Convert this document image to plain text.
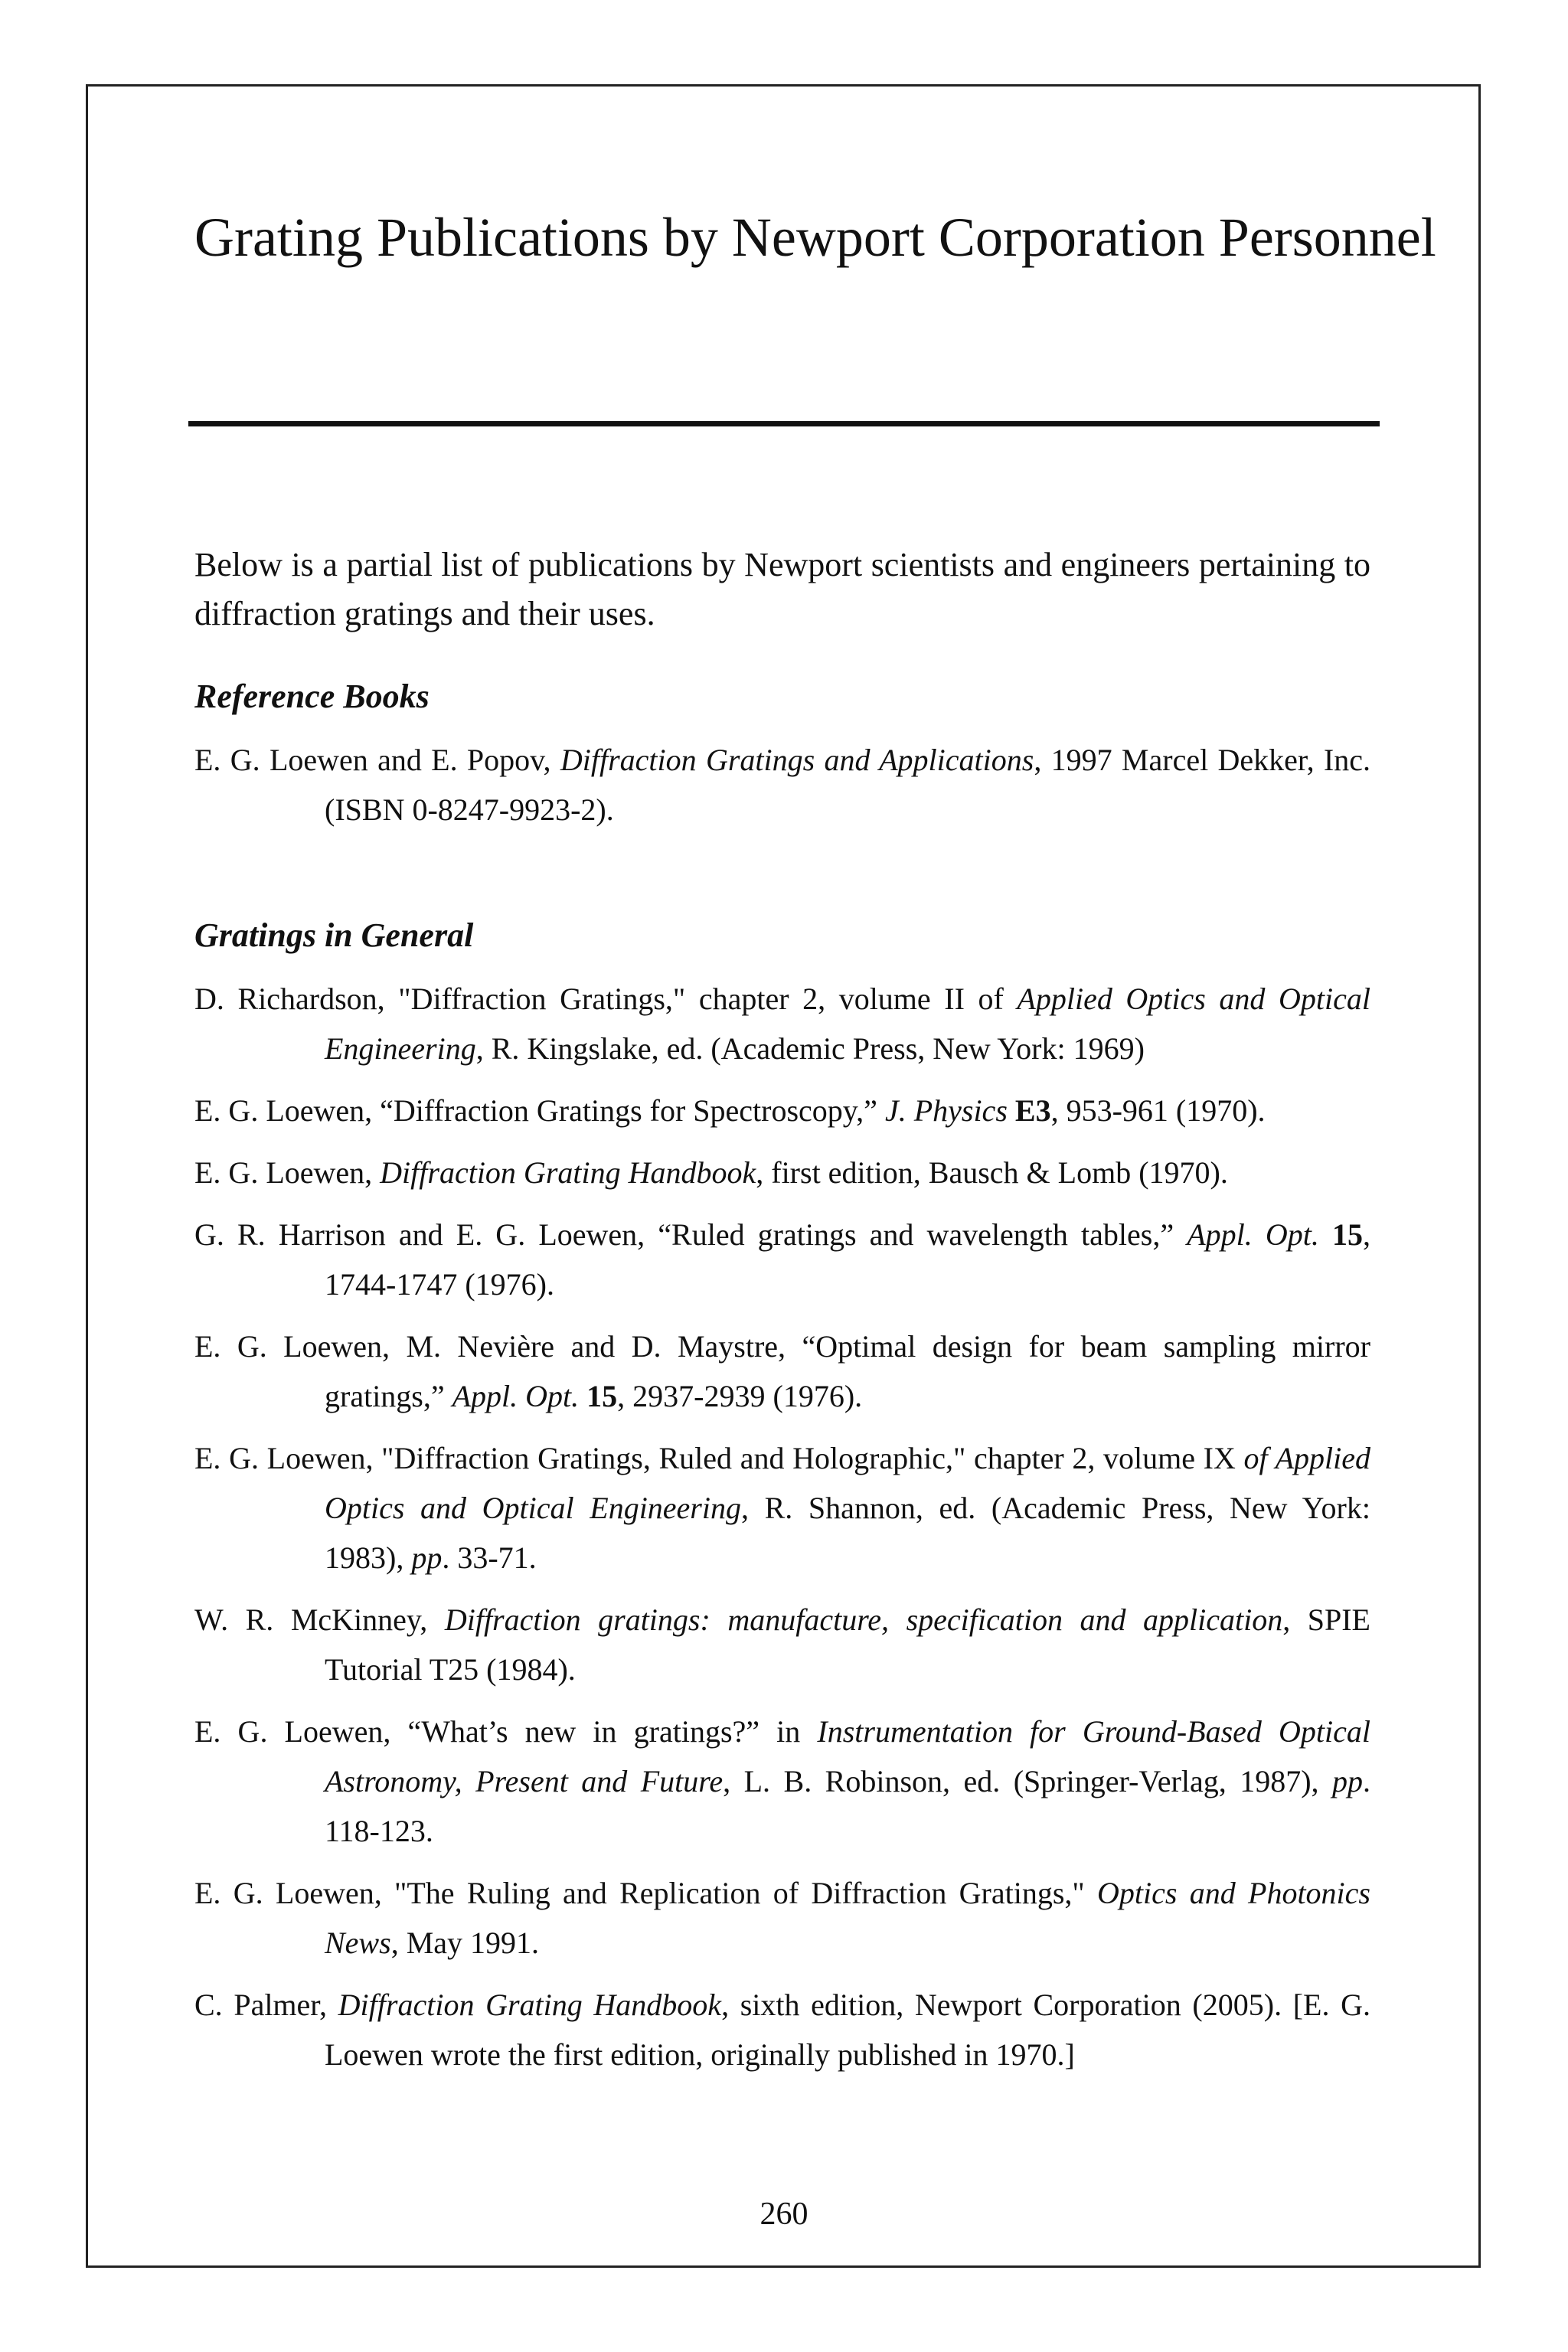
Grating Publications by Newport Corporation Personnel

Below is a partial list of publications by Newport scientists and engineers pertaining to diffraction gratings and their uses.

Reference Books

E. G. Loewen and E. Popov, Diffraction Gratings and Applications, 1997 Marcel Dekker, Inc. (ISBN 0-8247-9923-2).

Gratings in General

D. Richardson, "Diffraction Gratings," chapter 2, volume II of Applied Optics and Optical Engineering, R. Kingslake, ed. (Academic Press, New York: 1969)

E. G. Loewen, “Diffraction Gratings for Spectroscopy,” J. Physics E3, 953-961 (1970).

E. G. Loewen, Diffraction Grating Handbook, first edition, Bausch & Lomb (1970).

G. R. Harrison and E. G. Loewen, “Ruled gratings and wavelength tables,” Appl. Opt. 15, 1744-1747 (1976).

E. G. Loewen, M. Nevière and D. Maystre, “Optimal design for beam sampling mirror gratings,” Appl. Opt. 15, 2937-2939 (1976).

E. G. Loewen, "Diffraction Gratings, Ruled and Holographic," chapter 2, volume IX of Applied Optics and Optical Engineering, R. Shannon, ed. (Academic Press, New York: 1983), pp. 33-71.

W. R. McKinney, Diffraction gratings: manufacture, specification and application, SPIE Tutorial T25 (1984).

E. G. Loewen, “What’s new in gratings?” in Instrumentation for Ground-Based Optical Astronomy, Present and Future, L. B. Robinson, ed. (Springer-Verlag, 1987), pp. 118-123.

E. G. Loewen, "The Ruling and Replication of Diffraction Gratings," Optics and Photonics News, May 1991.

C. Palmer, Diffraction Grating Handbook, sixth edition, Newport Corporation (2005). [E. G. Loewen wrote the first edition, originally published in 1970.]

260
